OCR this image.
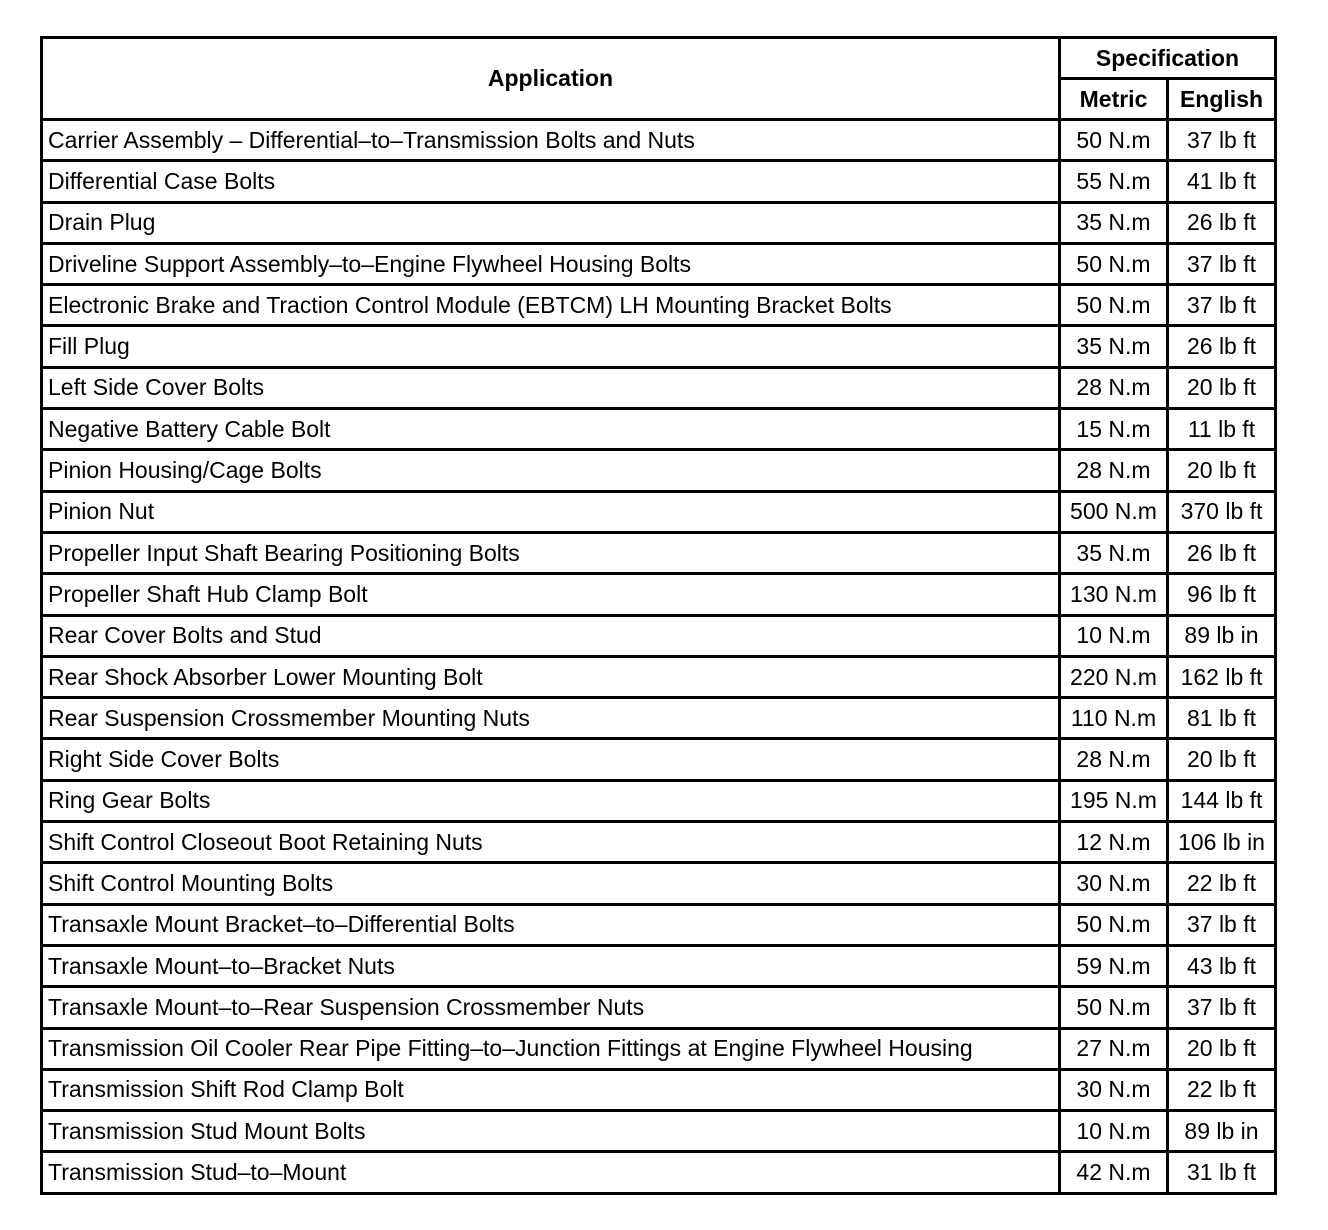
Application	Specification	
	Metric	English
Carrier Assembly – Differential–to–Transmission Bolts and Nuts	50 N.m	37 lb ft
Differential Case Bolts	55 N.m	41 lb ft
Drain Plug	35 N.m	26 lb ft
Driveline Support Assembly–to–Engine Flywheel Housing Bolts	50 N.m	37 lb ft
Electronic Brake and Traction Control Module (EBTCM) LH Mounting Bracket Bolts	50 N.m	37 lb ft
Fill Plug	35 N.m	26 lb ft
Left Side Cover Bolts	28 N.m	20 lb ft
Negative Battery Cable Bolt	15 N.m	11 lb ft
Pinion Housing/Cage Bolts	28 N.m	20 lb ft
Pinion Nut	500 N.m	370 lb ft
Propeller Input Shaft Bearing Positioning Bolts	35 N.m	26 lb ft
Propeller Shaft Hub Clamp Bolt	130 N.m	96 lb ft
Rear Cover Bolts and Stud	10 N.m	89 lb in
Rear Shock Absorber Lower Mounting Bolt	220 N.m	162 lb ft
Rear Suspension Crossmember Mounting Nuts	110 N.m	81 lb ft
Right Side Cover Bolts	28 N.m	20 lb ft
Ring Gear Bolts	195 N.m	144 lb ft
Shift Control Closeout Boot Retaining Nuts	12 N.m	106 lb in
Shift Control Mounting Bolts	30 N.m	22 lb ft
Transaxle Mount Bracket–to–Differential Bolts	50 N.m	37 lb ft
Transaxle Mount–to–Bracket Nuts	59 N.m	43 lb ft
Transaxle Mount–to–Rear Suspension Crossmember Nuts	50 N.m	37 lb ft
Transmission Oil Cooler Rear Pipe Fitting–to–Junction Fittings at Engine Flywheel Housing	27 N.m	20 lb ft
Transmission Shift Rod Clamp Bolt	30 N.m	22 lb ft
Transmission Stud Mount Bolts	10 N.m	89 lb in
Transmission Stud–to–Mount	42 N.m	31 lb ft
